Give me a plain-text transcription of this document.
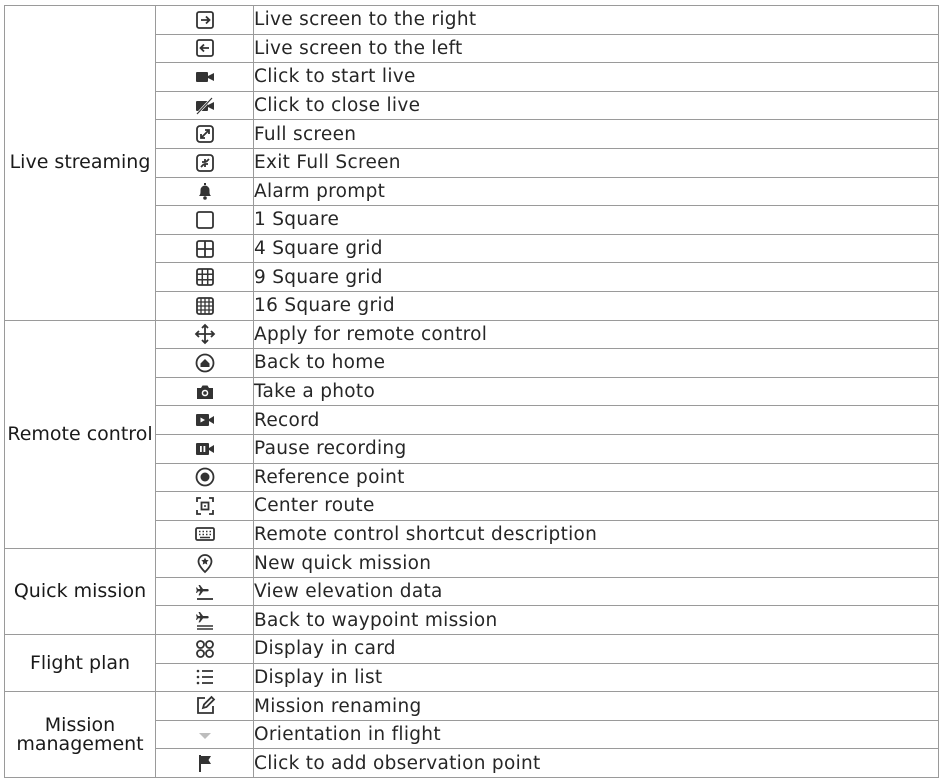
Live streaming		Live screen to the right

	Live screen to the left

	Click to start live

	Click to close live

	Full screen

	Exit Full Screen

	Alarm prompt

	1 Square

	4 Square grid

	9 Square grid

	16 Square grid
Remote control		Apply for remote control

	Back to home

	Take a photo

	Record

	Pause recording

	Reference point

	Center route

	Remote control shortcut description
Quick mission		New quick mission

	View elevation data

	Back to waypoint mission
Flight plan		Display in card

	Display in list
Mission management		Mission renaming

	Orientation in flight

	Click to add observation point
